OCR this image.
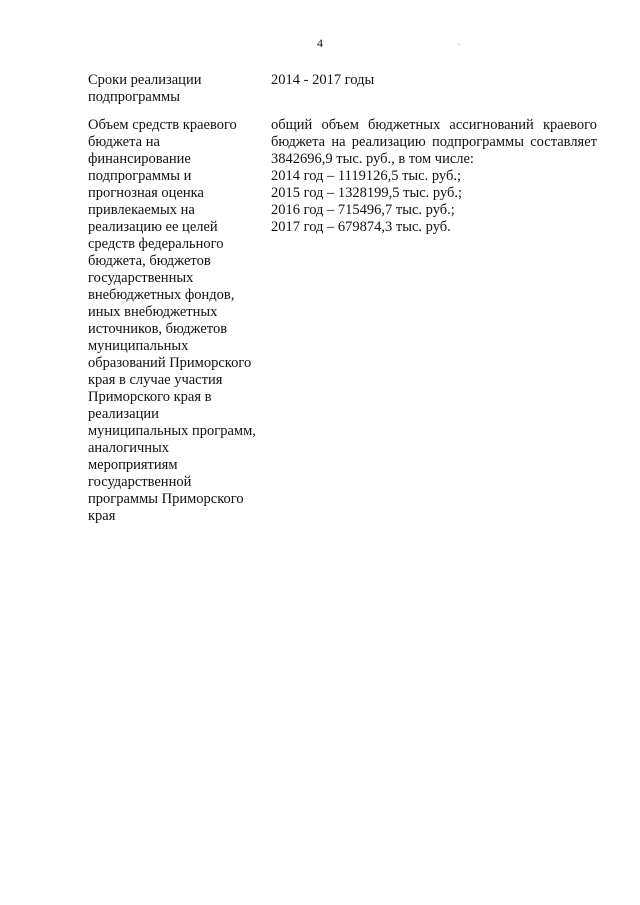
4
Сроки реализации
подпрограммы
2014 - 2017 годы
Объем средств краевого
бюджета на
финансирование
подпрограммы и
прогнозная оценка
привлекаемых на
реализацию ее целей
средств федерального
бюджета, бюджетов
государственных
внебюджетных фондов,
иных внебюджетных
источников, бюджетов
муниципальных
образований Приморского
края в случае участия
Приморского края в
реализации
муниципальных программ,
аналогичных
мероприятиям
государственной
программы Приморского
края

общий объем бюджетных ассигнований краевого бюджета на реализацию подпрограммы составляет 3842696,9 тыс. руб., в том числе:

2014 год – 1119126,5 тыс. руб.;

2015 год – 1328199,5 тыс. руб.;

2016 год – 715496,7 тыс. руб.;

2017 год – 679874,3 тыс. руб.
